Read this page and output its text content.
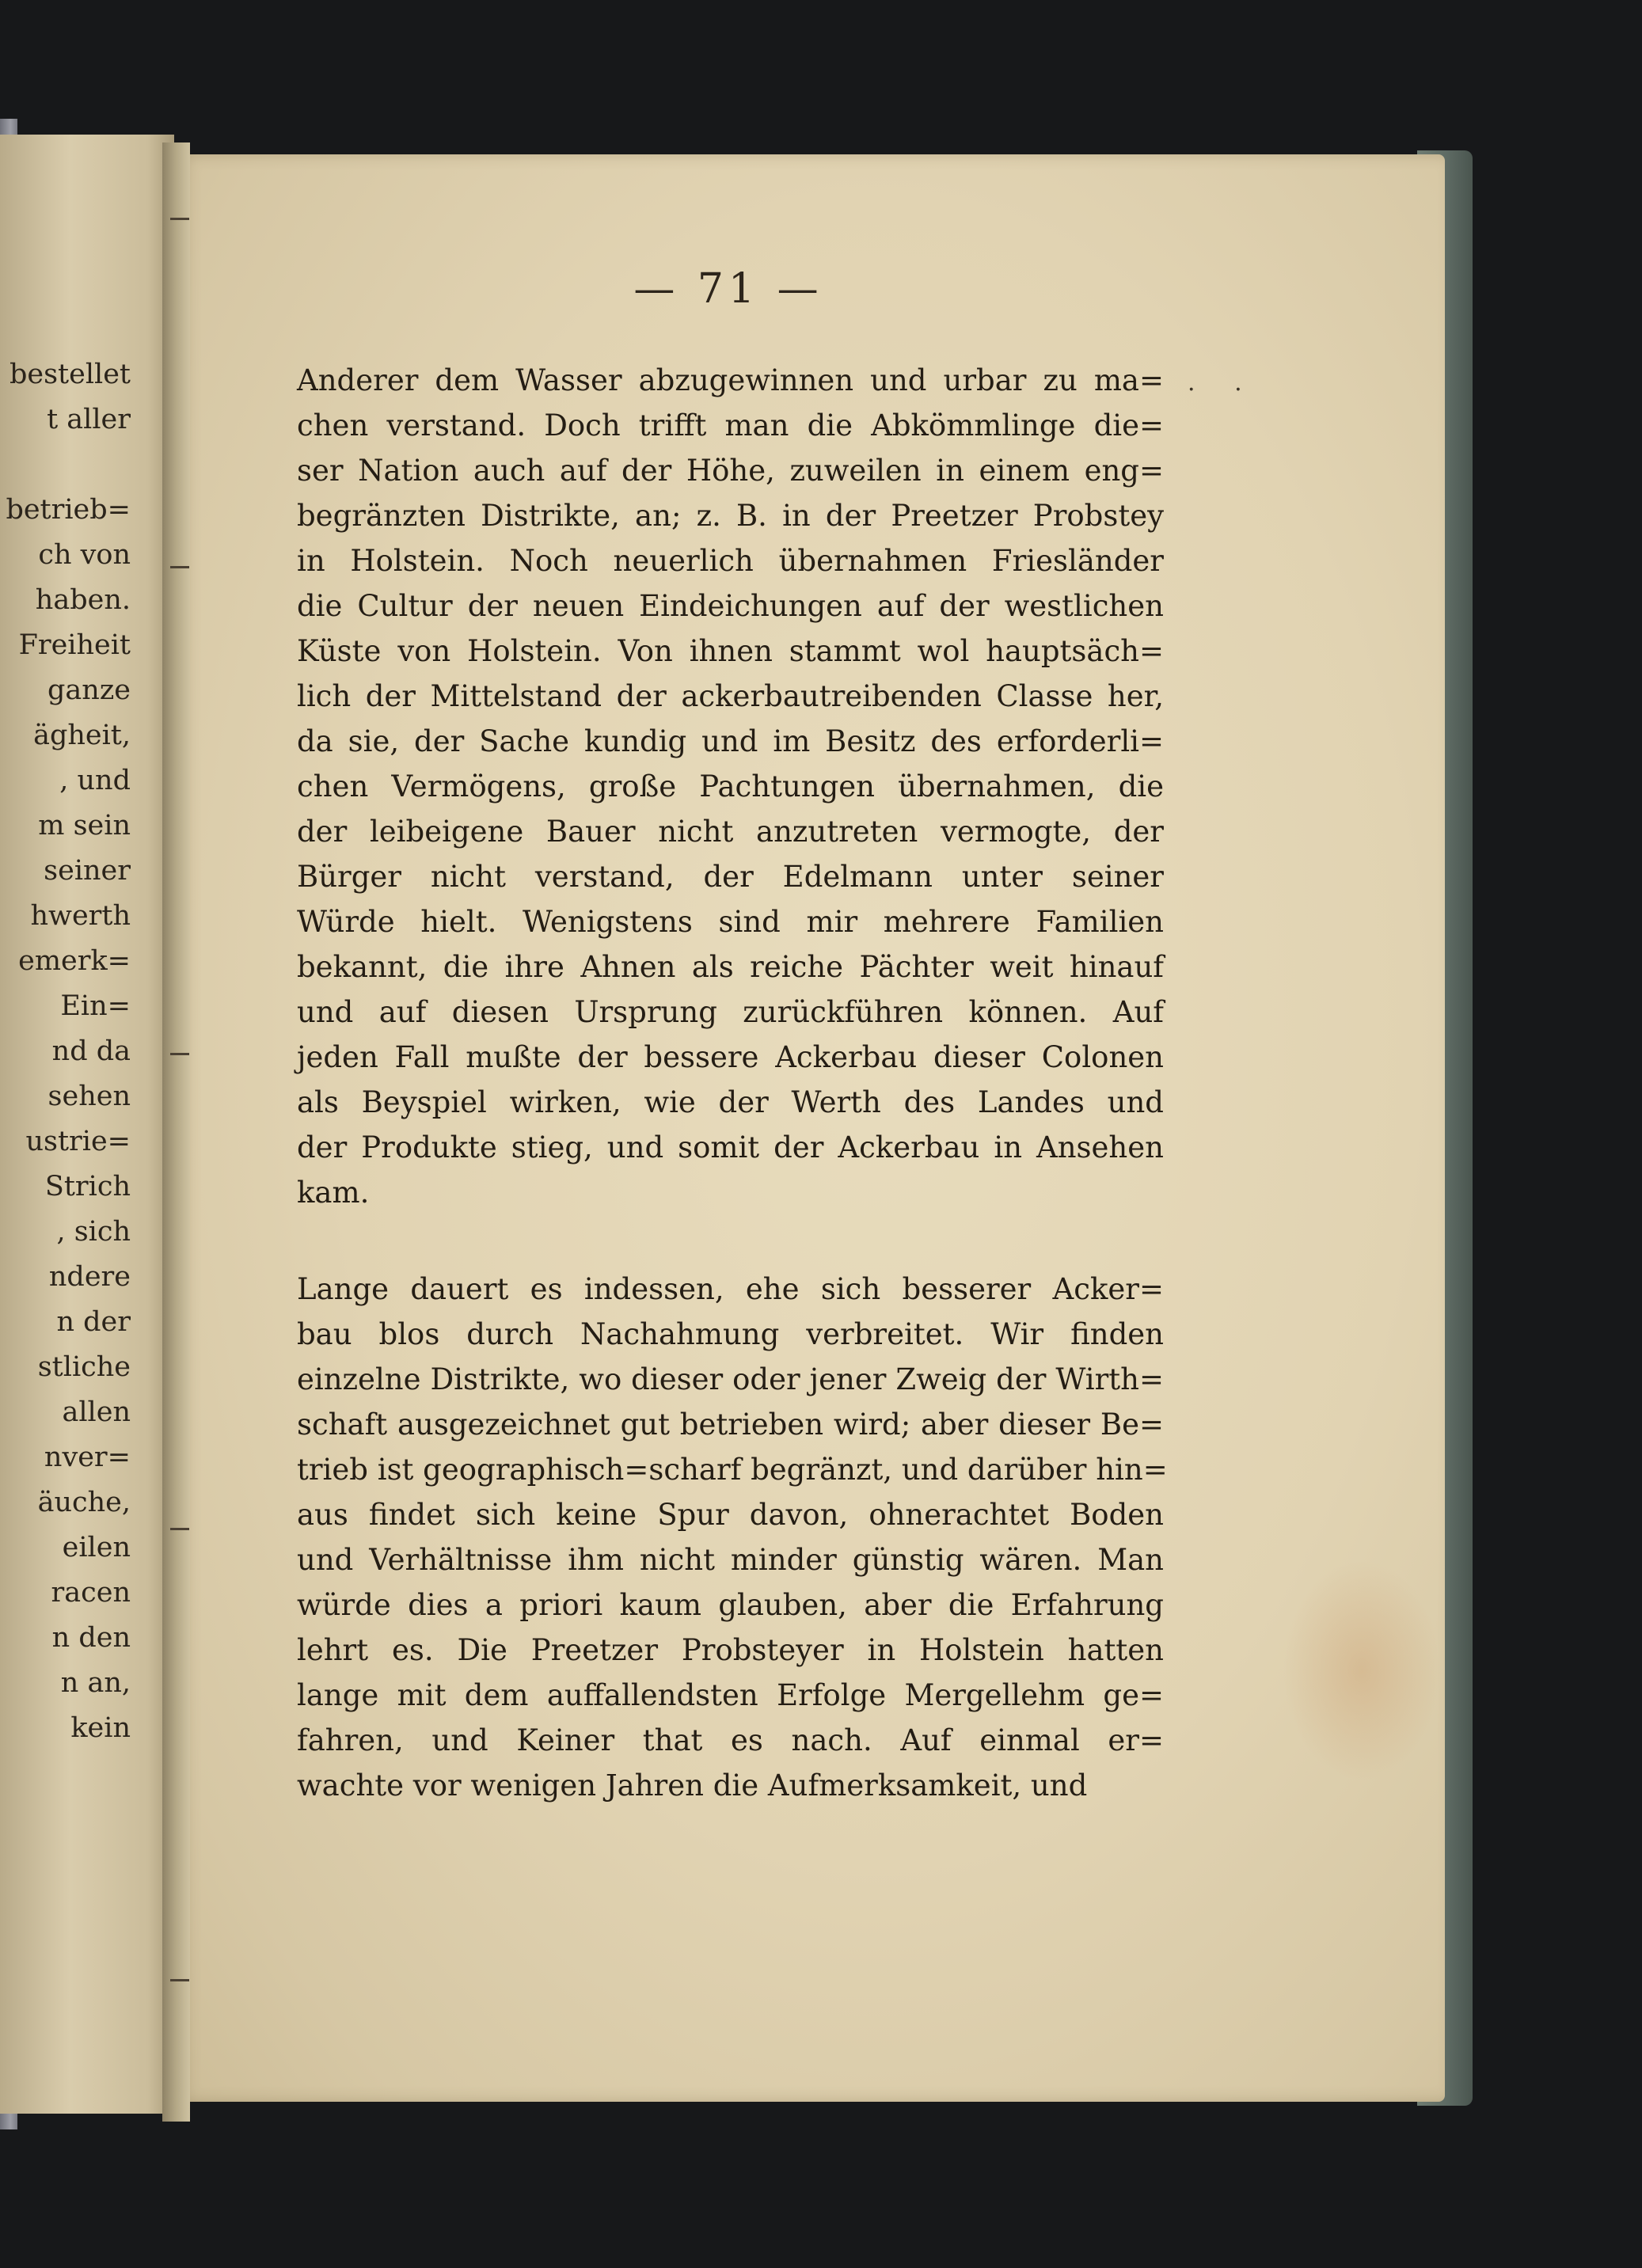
bestellet
t aller
betrieb=
ch von
haben.
Freiheit
ganze
ägheit,
, und
m sein
seiner
hwerth
emerk=
Ein=
nd da
sehen
ustrie=
Strich
, sich
ndere
n der
stliche
allen
nver=
äuche,
eilen
racen
n den
n an,
kein
— 71 —
· ·
Anderer dem Wasser abzugewinnen und urbar zu ma=
chen verstand. Doch trifft man die Abkömmlinge die=
ser Nation auch auf der Höhe, zuweilen in einem eng=
begränzten Distrikte, an; z. B. in der Preetzer Probstey
in Holstein. Noch neuerlich übernahmen Friesländer
die Cultur der neuen Eindeichungen auf der westlichen
Küste von Holstein. Von ihnen stammt wol hauptsäch=
lich der Mittelstand der ackerbautreibenden Classe her,
da sie, der Sache kundig und im Besitz des erforderli=
chen Vermögens, große Pachtungen übernahmen, die
der leibeigene Bauer nicht anzutreten vermogte, der
Bürger nicht verstand, der Edelmann unter seiner
Würde hielt. Wenigstens sind mir mehrere Familien
bekannt, die ihre Ahnen als reiche Pächter weit hinauf
und auf diesen Ursprung zurückführen können. Auf
jeden Fall mußte der bessere Ackerbau dieser Colonen
als Beyspiel wirken, wie der Werth des Landes und
der Produkte stieg, und somit der Ackerbau in Ansehen
kam.
Lange dauert es indessen, ehe sich besserer Acker=
bau blos durch Nachahmung verbreitet. Wir finden
einzelne Distrikte, wo dieser oder jener Zweig der Wirth=
schaft ausgezeichnet gut betrieben wird; aber dieser Be=
trieb ist geographisch=scharf begränzt, und darüber hin=
aus findet sich keine Spur davon, ohnerachtet Boden
und Verhältnisse ihm nicht minder günstig wären. Man
würde dies a priori kaum glauben, aber die Erfahrung
lehrt es. Die Preetzer Probsteyer in Holstein hatten
lange mit dem auffallendsten Erfolge Mergellehm ge=
fahren, und Keiner that es nach. Auf einmal er=
wachte vor wenigen Jahren die Aufmerksamkeit, und
